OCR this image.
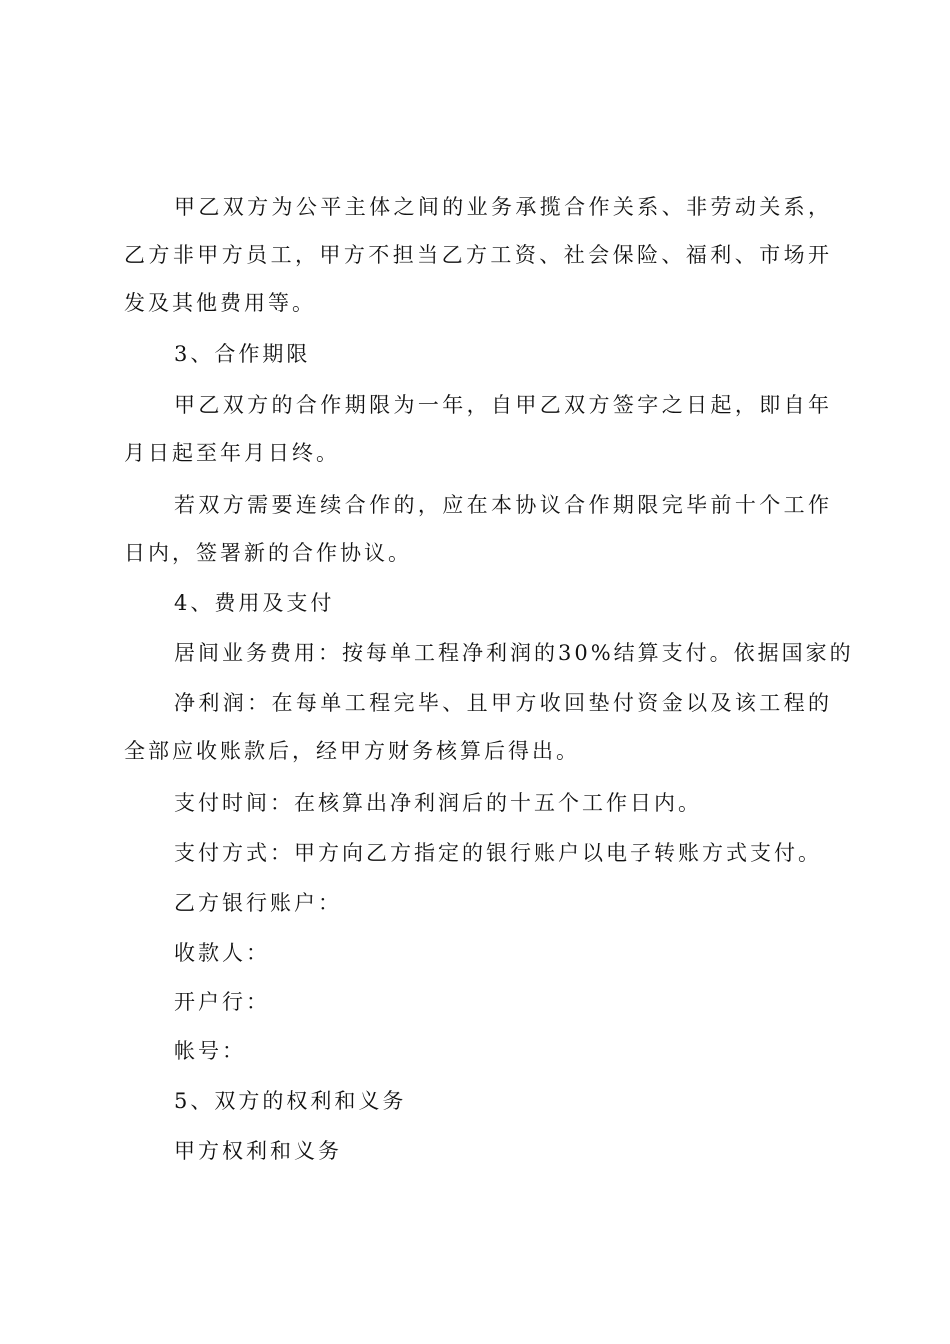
甲乙双方为公平主体之间的业务承揽合作关系、非劳动关系，乙方非甲方员工，甲方不担当乙方工资、社会保险、福利、市场开发及其他费用等。

3、合作期限

甲乙双方的合作期限为一年，自甲乙双方签字之日起，即自年月日起至年月日终。

若双方需要连续合作的，应在本协议合作期限完毕前十个工作日内，签署新的合作协议。

4、费用及支付

居间业务费用：按每单工程净利润的30%结算支付。依据国家的

净利润：在每单工程完毕、且甲方收回垫付资金以及该工程的全部应收账款后，经甲方财务核算后得出。

支付时间：在核算出净利润后的十五个工作日内。

支付方式：甲方向乙方指定的银行账户以电子转账方式支付。

乙方银行账户：

收款人：

开户行：

帐号：

5、双方的权利和义务

甲方权利和义务
